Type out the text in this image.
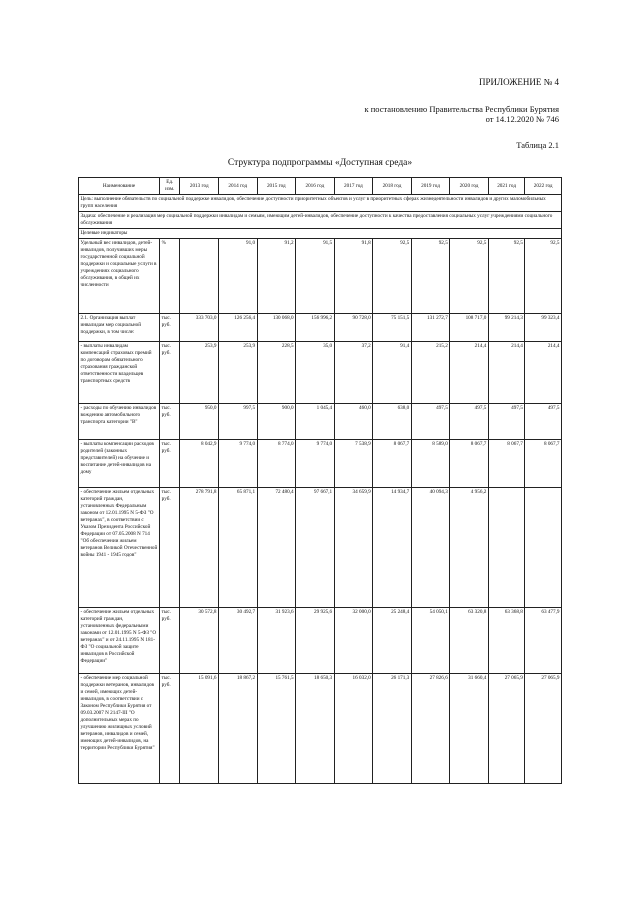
ПРИЛОЖЕНИЕ № 4
к постановлению Правительства Республики Бурятия
от 14.12.2020 № 746
Таблица 2.1
Структура подпрограммы «Доступная среда»
Наименование	Ед. изм.	2013 год	2014 год	2015 год	2016 год	2017 год	2018 год	2019 год	2020 год	2021 год	2022 год
Цель: выполнение обязательств по социальной поддержке инвалидов, обеспечение доступности приоритетных объектов и услуг в приоритетных сферах жизнедеятельности инвалидов и других маломобильных групп населения											
Задача: обеспечение и реализация мер социальной поддержки инвалидам и семьям, имеющим детей-инвалидов, обеспечение доступности к качества предоставления социальных услуг учреждениями социального обслуживания											
Целевые индикаторы											
Удельный вес инвалидов, детей-инвалидов, получивших меры государственной социальной поддержки и социальные услуги в учреждениях социального обслуживания, в общей их численности	%		91,0	91,2	91,5	91,8	92,5	92,5	92,5	92,5	92,5
2.1. Организация выплат инвалидам мер социальной поддержки, в том числе:	тыс. руб.	333 703,0	126 256,4	130 068,0	156 996,2	90 728,0	75 151,5	131 272,7	108 717,0	99 214,3	99 323,4
- выплаты инвалидам компенсаций страховых премий по договорам обязательного страхования гражданской ответственности владельцев транспортных средств	тыс. руб.	253,9	253,9	228,5	35,0	37,2	91,4	215,2	214,4	214,4	214,4
- расходы по обучению инвалидов вождению автомобильного транспорта категории "В"	тыс. руб.	950,0	997,5	900,0	1 045,4	460,0	638,0	497,5	497,5	497,5	497,5
- выплаты компенсации расходов родителей (законных представителей) на обучение и воспитание детей-инвалидов на дому	тыс. руб.	8 042,9	9 774,0	8 774,0	9 774,0	7 538,9	8 067,7	8 589,0	8 067,7	8 067,7	8 067,7
- обеспечение жильем отдельных категорий граждан, установленных Федеральным законом от 12.01.1995 N 5-ФЗ "О ветеранах", в соответствии с Указом Президента Российской Федерации от 07.05.2008 N 714 "Об обеспечении жильем ветеранов Великой Отечественной войны 1941 - 1945 годов"	тыс. руб.	278 791,8	65 871,1	72 480,4	97 667,1	34 659,9	14 934,7	40 094,3	4 956,2		
- обеспечение жильем отдельных категорий граждан, установленных федеральными законами от 12.01.1995 N 5-ФЗ "О ветеранах" и от 24.11.1995 N 181-ФЗ "О социальной защите инвалидов в Российской Федерации"	тыс. руб.	30 572,8	30 492,7	31 923,6	29 925,6	32 000,0	25 248,4	54 050,1	63 320,8	63 368,8	63 477,9
- обеспечение мер социальной поддержки ветеранов, инвалидов и семей, имеющих детей-инвалидов, в соответствии с Законом Республики Бурятия от 09.03.2007 N 2147-III "О дополнительных мерах по улучшению жилищных условий ветеранов, инвалидов и семей, имеющих детей-инвалидов, на территории Республики Бурятия"	тыс. руб.	15 091,6	18 867,2	15 761,5	18 650,3	16 032,0	26 171,3	27 826,6	31 660,4	27 065,9	27 065,9
